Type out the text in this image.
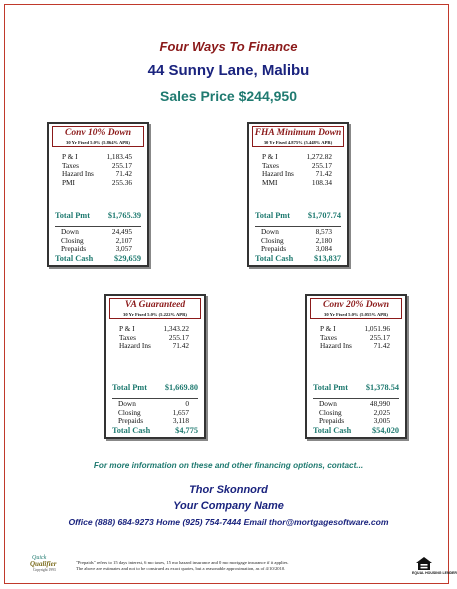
Four Ways To Finance
44 Sunny Lane, Malibu
Sales Price $244,950
Conv 10% Down
30 Yr Fixed 5.0% (5.864% APR)
P & I	1,183.45
Taxes	255.17
Hazard Ins	71.42
PMI	255.36
Total Pmt $1,765.39
Down	24,495
Closing	2,107
Prepaids	3,057
Total Cash	$29,659
FHA Minimum Down
30 Yr Fixed 4.875% (5.448% APR)
P & I	1,272.82
Taxes	255.17
Hazard Ins	71.42
MMI	108.34
Total Pmt $1,707.74
Down	8,573
Closing	2,180
Prepaids	3,084
Total Cash	$13,837
VA Guaranteed
30 Yr Fixed 5.0% (5.222% APR)
P & I	1,343.22
Taxes	255.17
Hazard Ins	71.42
Total Pmt $1,669.80
Down	0
Closing	1,657
Prepaids	3,118
Total Cash	$4,775
Conv 20% Down
30 Yr Fixed 5.0% (5.055% APR)
P & I	1,051.96
Taxes	255.17
Hazard Ins	71.42
Total Pmt $1,378.54
Down	48,990
Closing	2,025
Prepaids	3,005
Total Cash	$54,020
For more information on these and other financing options, contact...
Thor Skonnord
Your Company Name
Office (888) 684-9273 Home (925) 754-7444 Email thor@mortgagesoftware.com
Quick
Qualifier
Copyright 1993
"Prepaids" refers to 15 days interest, 6 mo taxes, 15 mo hazard insurance and 0 mo mortgage insurance if it applies.
The above are estimates and not to be construed as exact quotes, but a reasonable approximation, as of 4/10/2010.
EQUAL HOUSING LENDER
